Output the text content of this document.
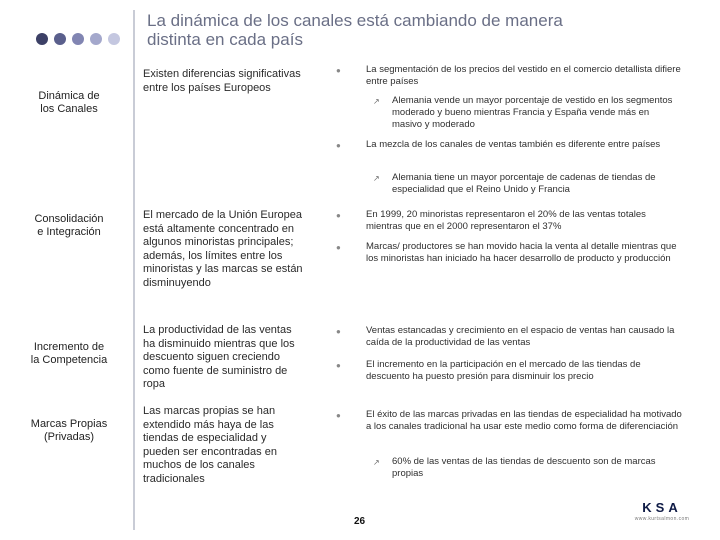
La dinámica de los canales está cambiando de manera
distinta en cada país
Dinámica de
los Canales
Existen diferencias significativas entre los países Europeos
●	La segmentación de los precios del vestido en el comercio detallista difiere entre países
↗ Alemania vende un mayor porcentaje de vestido en los segmentos moderado y bueno mientras Francia y España vende más en masivo y moderado
●	La mezcla de los canales de ventas también es diferente entre países
↗ Alemania tiene un mayor porcentaje de cadenas de tiendas de especialidad que el Reino Unido y Francia
Consolidación
e Integración
El mercado de la Unión Europea está altamente concentrado en algunos minoristas principales; además, los límites entre los minoristas y las marcas se están disminuyendo
●	En 1999, 20 minoristas representaron el 20% de las ventas totales mientras que en el 2000 representaron el 37%
●	Marcas/ productores se han movido hacia la venta al detalle mientras que los minoristas han iniciado ha hacer desarrollo de producto y producción
Incremento de
la Competencia
La productividad de las ventas ha disminuido mientras que los descuento siguen creciendo como fuente de suministro de ropa
●	Ventas estancadas y crecimiento en el espacio de ventas han causado la caída de la productividad de las ventas
●	El incremento en la participación en el mercado de las tiendas de descuento ha puesto presión para disminuir los precio
Marcas Propias
(Privadas)
Las marcas propias se han extendido más haya de las tiendas de especialidad y pueden ser encontradas en muchos de los canales tradicionales
●	El éxito de las marcas privadas en las tiendas de especialidad ha motivado a los canales tradicional ha usar este medio como forma de diferenciación
↗ 60% de las ventas de las tiendas de descuento son de marcas propias
26
KSA
www.kurtsalmon.com
